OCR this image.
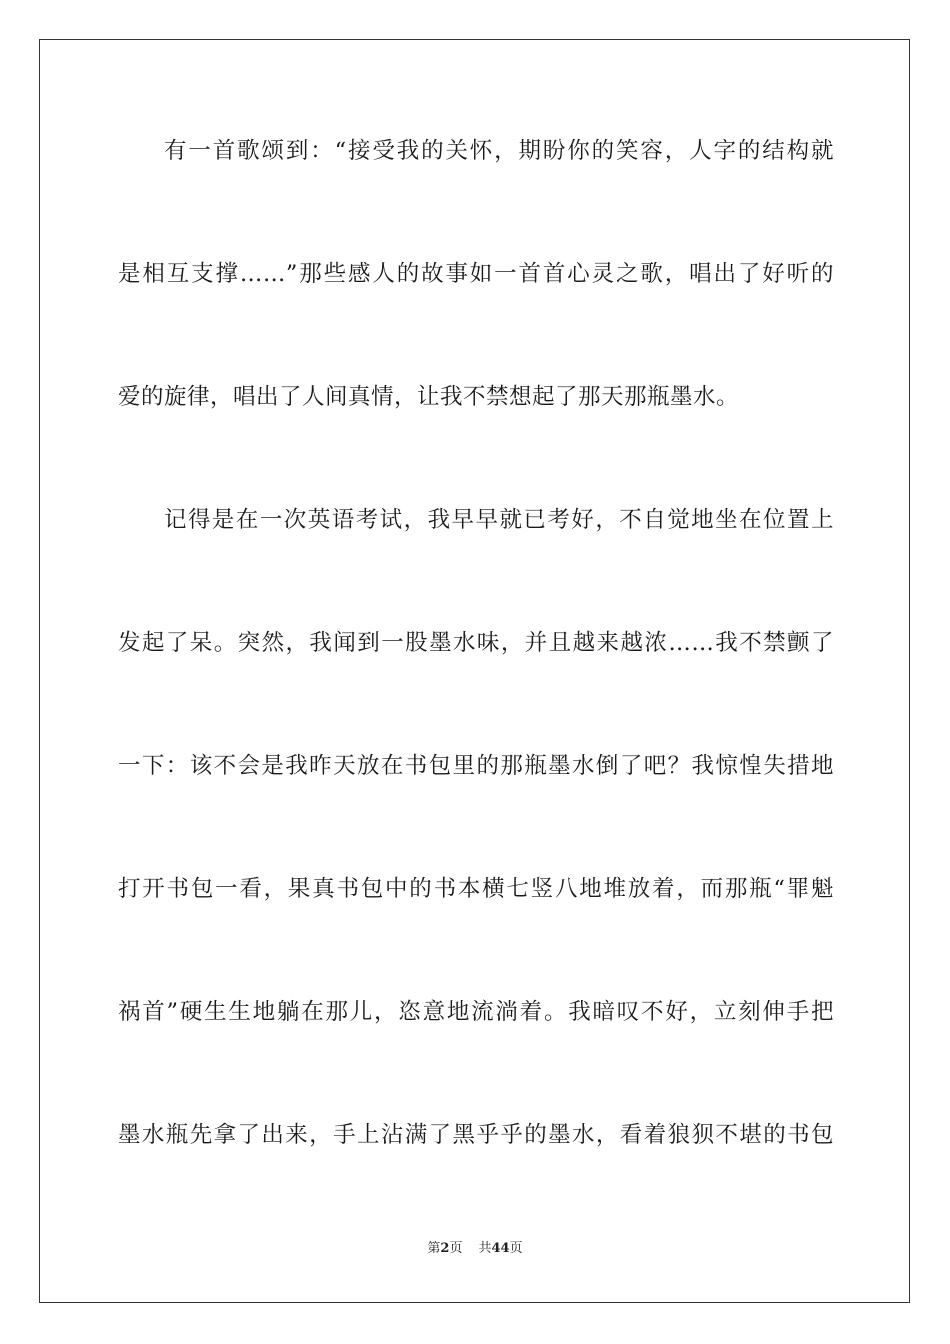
有一首歌颂到：“接受我的关怀，期盼你的笑容，人字的结构就
是相互支撑……”那些感人的故事如一首首心灵之歌，唱出了好听的
爱的旋律，唱出了人间真情，让我不禁想起了那天那瓶墨水。
记得是在一次英语考试，我早早就已考好，不自觉地坐在位置上
发起了呆。突然，我闻到一股墨水味，并且越来越浓……我不禁颤了
一下：该不会是我昨天放在书包里的那瓶墨水倒了吧？我惊惶失措地
打开书包一看，果真书包中的书本横七竖八地堆放着，而那瓶“罪魁
祸首”硬生生地躺在那儿，恣意地流淌着。我暗叹不好，立刻伸手把
墨水瓶先拿了出来，手上沾满了黑乎乎的墨水，看着狼狈不堪的书包
第2页 共44页
